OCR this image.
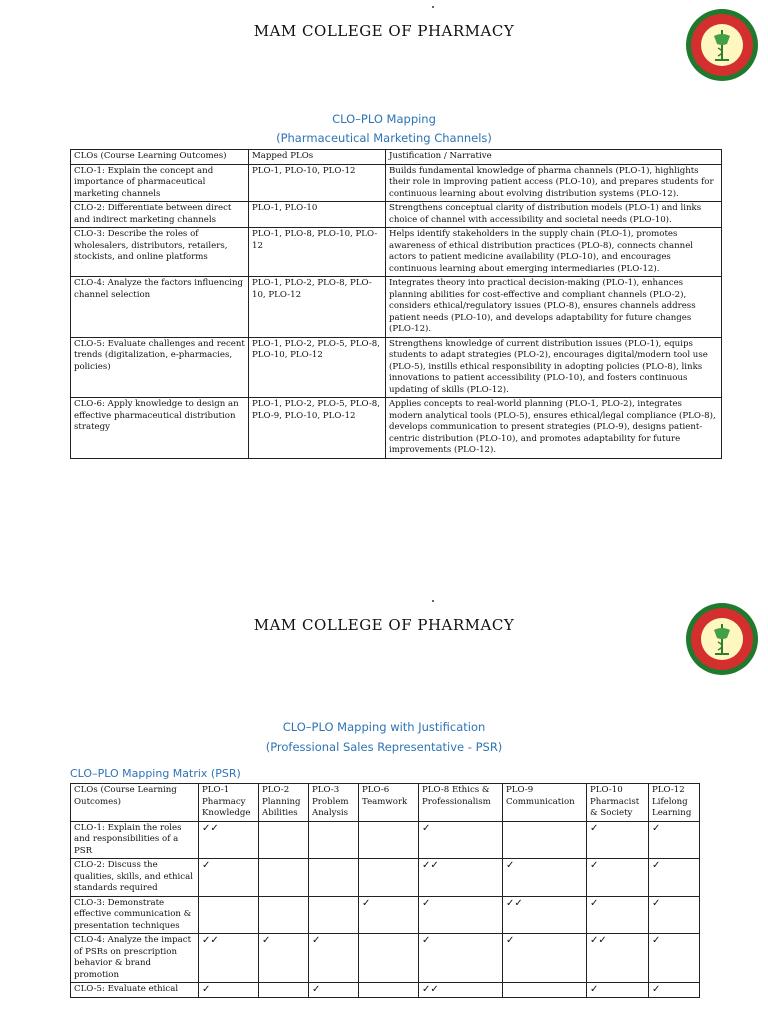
MAM COLLEGE OF PHARMACY
CLO–PLO Mapping
(Pharmaceutical Marketing Channels)
CLOs (Course Learning Outcomes)	Mapped PLOs	Justification / Narrative
CLO-1: Explain the concept and importance of pharmaceutical marketing channels	PLO-1, PLO-10, PLO-12	Builds fundamental knowledge of pharma channels (PLO-1), highlights their role in improving patient access (PLO-10), and prepares students for continuous learning about evolving distribution systems (PLO-12).
CLO-2: Differentiate between direct and indirect marketing channels	PLO-1, PLO-10	Strengthens conceptual clarity of distribution models (PLO-1) and links choice of channel with accessibility and societal needs (PLO-10).
CLO-3: Describe the roles of wholesalers, distributors, retailers, stockists, and online platforms	PLO-1, PLO-8, PLO-10, PLO-12	Helps identify stakeholders in the supply chain (PLO-1), promotes awareness of ethical distribution practices (PLO-8), connects channel actors to patient medicine availability (PLO-10), and encourages continuous learning about emerging intermediaries (PLO-12).
CLO-4: Analyze the factors influencing channel selection	PLO-1, PLO-2, PLO-8, PLO-10, PLO-12	Integrates theory into practical decision-making (PLO-1), enhances planning abilities for cost-effective and compliant channels (PLO-2), considers ethical/regulatory issues (PLO-8), ensures channels address patient needs (PLO-10), and develops adaptability for future changes (PLO-12).
CLO-5: Evaluate challenges and recent trends (digitalization, e-pharmacies, policies)	PLO-1, PLO-2, PLO-5, PLO-8, PLO-10, PLO-12	Strengthens knowledge of current distribution issues (PLO-1), equips students to adapt strategies (PLO-2), encourages digital/modern tool use (PLO-5), instills ethical responsibility in adopting policies (PLO-8), links innovations to patient accessibility (PLO-10), and fosters continuous updating of skills (PLO-12).
CLO-6: Apply knowledge to design an effective pharmaceutical distribution strategy	PLO-1, PLO-2, PLO-5, PLO-8, PLO-9, PLO-10, PLO-12	Applies concepts to real-world planning (PLO-1, PLO-2), integrates modern analytical tools (PLO-5), ensures ethical/legal compliance (PLO-8), develops communication to present strategies (PLO-9), designs patient-centric distribution (PLO-10), and promotes adaptability for future improvements (PLO-12).
MAM COLLEGE OF PHARMACY
CLO–PLO Mapping with Justification
(Professional Sales Representative - PSR)
CLO–PLO Mapping Matrix (PSR)
CLOs (Course Learning Outcomes)	PLO-1 Pharmacy Knowledge	PLO-2 Planning Abilities	PLO-3 Problem Analysis	PLO-6 Teamwork	PLO-8 Ethics & Professionalism	PLO-9 Communication	PLO-10 Pharmacist & Society	PLO-12 Lifelong Learning
CLO-1: Explain the roles and responsibilities of a PSR	✓✓				✓		✓	✓
CLO-2: Discuss the qualities, skills, and ethical standards required	✓				✓✓	✓	✓	✓
CLO-3: Demonstrate effective communication & presentation techniques				✓	✓	✓✓	✓	✓
CLO-4: Analyze the impact of PSRs on prescription behavior & brand promotion	✓✓	✓	✓		✓	✓	✓✓	✓
CLO-5: Evaluate ethical	✓		✓		✓✓		✓	✓
